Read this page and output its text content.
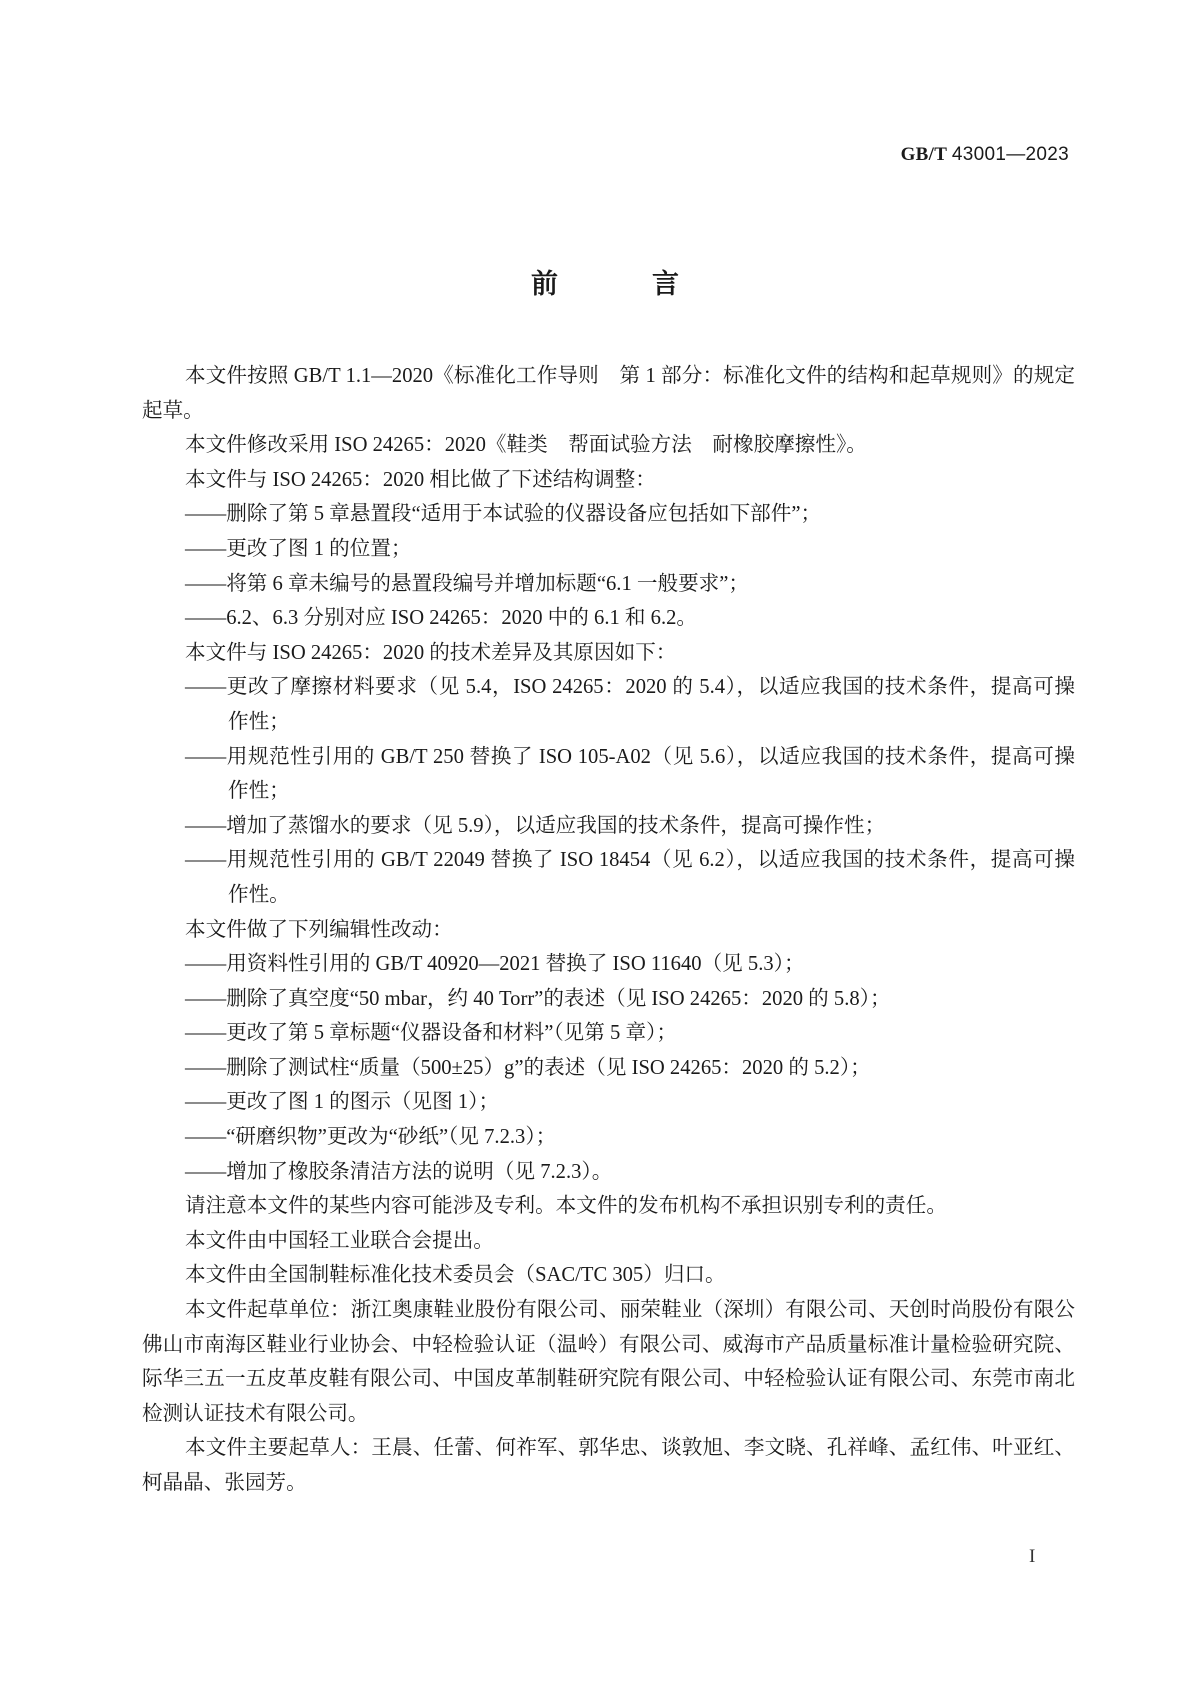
GB/T 43001—2023
前	言
本文件按照 GB/T 1.1—2020《标准化工作导则　第 1 部分：标准化文件的结构和起草规则》的规定
起草。
本文件修改采用 ISO 24265：2020《鞋类　帮面试验方法　耐橡胶摩擦性》。
本文件与 ISO 24265：2020 相比做了下述结构调整：
——删除了第 5 章悬置段“适用于本试验的仪器设备应包括如下部件”；
——更改了图 1 的位置；
——将第 6 章未编号的悬置段编号并增加标题“6.1 一般要求”；
——6.2、6.3 分别对应 ISO 24265：2020 中的 6.1 和 6.2。
本文件与 ISO 24265：2020 的技术差异及其原因如下：
——更改了摩擦材料要求（见 5.4，ISO 24265：2020 的 5.4），以适应我国的技术条件，提高可操
作性；
——用规范性引用的 GB/T 250 替换了 ISO 105-A02（见 5.6），以适应我国的技术条件，提高可操
作性；
——增加了蒸馏水的要求（见 5.9），以适应我国的技术条件，提高可操作性；
——用规范性引用的 GB/T 22049 替换了 ISO 18454（见 6.2），以适应我国的技术条件，提高可操
作性。
本文件做了下列编辑性改动：
——用资料性引用的 GB/T 40920—2021 替换了 ISO 11640（见 5.3）；
——删除了真空度“50 mbar，约 40 Torr”的表述（见 ISO 24265：2020 的 5.8）；
——更改了第 5 章标题“仪器设备和材料”（见第 5 章）；
——删除了测试柱“质量（500±25）g”的表述（见 ISO 24265：2020 的 5.2）；
——更改了图 1 的图示（见图 1）；
——“研磨织物”更改为“砂纸”（见 7.2.3）；
——增加了橡胶条清洁方法的说明（见 7.2.3）。
请注意本文件的某些内容可能涉及专利。本文件的发布机构不承担识别专利的责任。
本文件由中国轻工业联合会提出。
本文件由全国制鞋标准化技术委员会（SAC/TC 305）归口。
本文件起草单位：浙江奥康鞋业股份有限公司、丽荣鞋业（深圳）有限公司、天创时尚股份有限公
佛山市南海区鞋业行业协会、中轻检验认证（温岭）有限公司、威海市产品质量标准计量检验研究院、
际华三五一五皮革皮鞋有限公司、中国皮革制鞋研究院有限公司、中轻检验认证有限公司、东莞市南北
检测认证技术有限公司。
本文件主要起草人：王晨、任蕾、何祚军、郭华忠、谈敦旭、李文晓、孔祥峰、孟红伟、叶亚红、
柯晶晶、张园芳。
I
